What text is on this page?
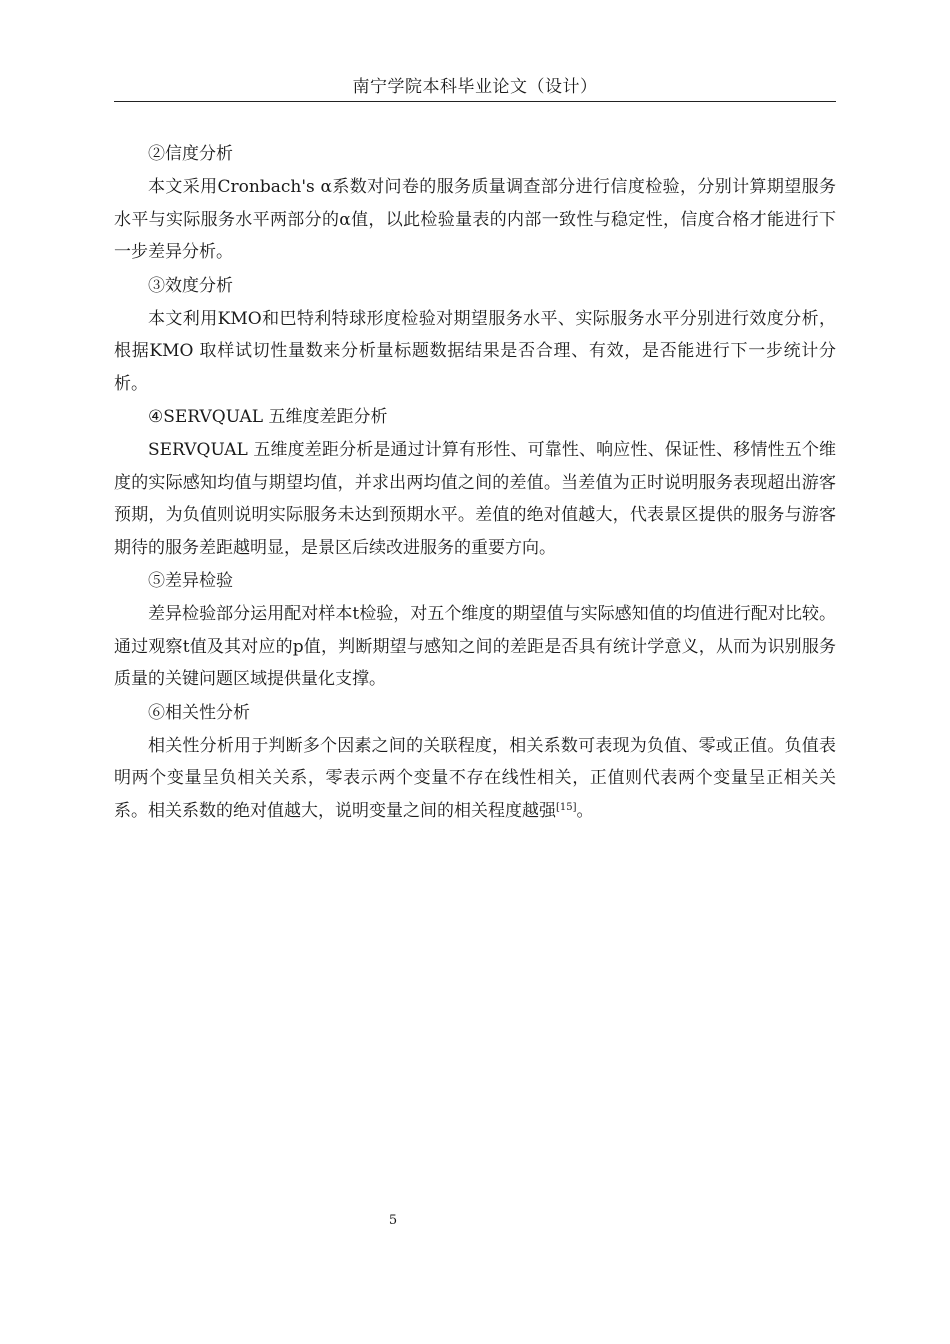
南宁学院本科毕业论文（设计）
②信度分析

本文采用Cronbach's α系数对问卷的服务质量调查部分进行信度检验，分别计算期望服务水平与实际服务水平两部分的α值，以此检验量表的内部一致性与稳定性，信度合格才能进行下一步差异分析。

③效度分析

本文利用KMO和巴特利特球形度检验对期望服务水平、实际服务水平分别进行效度分析，根据KMO 取样试切性量数来分析量标题数据结果是否合理、有效，是否能进行下一步统计分析。

④SERVQUAL 五维度差距分析

SERVQUAL 五维度差距分析是通过计算有形性、可靠性、响应性、保证性、移情性五个维度的实际感知均值与期望均值，并求出两均值之间的差值。当差值为正时说明服务表现超出游客预期，为负值则说明实际服务未达到预期水平。差值的绝对值越大，代表景区提供的服务与游客期待的服务差距越明显，是景区后续改进服务的重要方向。

⑤差异检验

差异检验部分运用配对样本t检验，对五个维度的期望值与实际感知值的均值进行配对比较。通过观察t值及其对应的p值，判断期望与感知之间的差距是否具有统计学意义，从而为识别服务质量的关键问题区域提供量化支撑。

⑥相关性分析

相关性分析用于判断多个因素之间的关联程度，相关系数可表现为负值、零或正值。负值表明两个变量呈负相关关系，零表示两个变量不存在线性相关，正值则代表两个变量呈正相关关系。相关系数的绝对值越大，说明变量之间的相关程度越强[15]。

5
